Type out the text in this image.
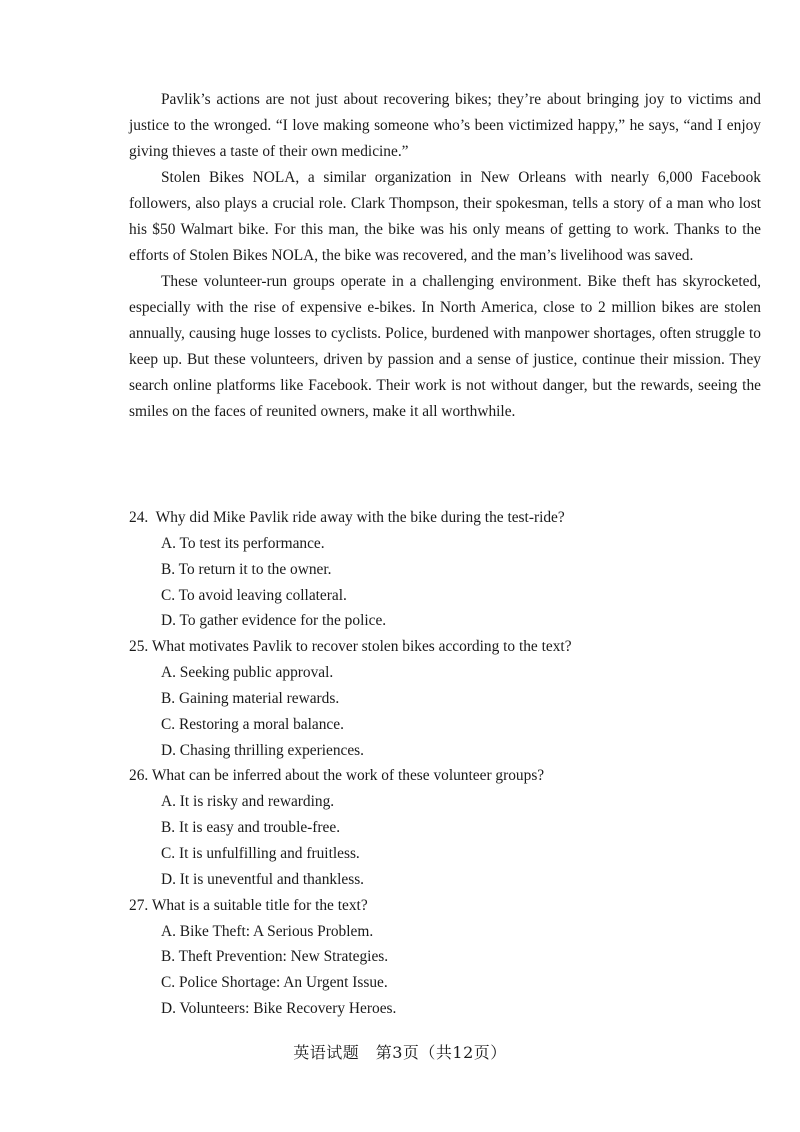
Pavlik’s actions are not just about recovering bikes; they’re about bringing joy to victims and justice to the wronged. “I love making someone who’s been victimized happy,” he says, “and I enjoy giving thieves a taste of their own medicine.”

Stolen Bikes NOLA, a similar organization in New Orleans with nearly 6,000 Facebook followers, also plays a crucial role. Clark Thompson, their spokesman, tells a story of a man who lost his $50 Walmart bike. For this man, the bike was his only means of getting to work. Thanks to the efforts of Stolen Bikes NOLA, the bike was recovered, and the man’s livelihood was saved.

These volunteer-run groups operate in a challenging environment. Bike theft has skyrocketed, especially with the rise of expensive e-bikes. In North America, close to 2 million bikes are stolen annually, causing huge losses to cyclists. Police, burdened with manpower shortages, often struggle to keep up. But these volunteers, driven by passion and a sense of justice, continue their mission. They search online platforms like Facebook. Their work is not without danger, but the rewards, seeing the smiles on the faces of reunited owners, make it all worthwhile.

24. Why did Mike Pavlik ride away with the bike during the test-ride?
A. To test its performance.
B. To return it to the owner.
C. To avoid leaving collateral.
D. To gather evidence for the police.
25. What motivates Pavlik to recover stolen bikes according to the text?
A. Seeking public approval.
B. Gaining material rewards.
C. Restoring a moral balance.
D. Chasing thrilling experiences.
26. What can be inferred about the work of these volunteer groups?
A. It is risky and rewarding.
B. It is easy and trouble-free.
C. It is unfulfilling and fruitless.
D. It is uneventful and thankless.
27. What is a suitable title for the text?
A. Bike Theft: A Serious Problem.
B. Theft Prevention: New Strategies.
C. Police Shortage: An Urgent Issue.
D. Volunteers: Bike Recovery Heroes.
英语试题　第3页（共12页）
